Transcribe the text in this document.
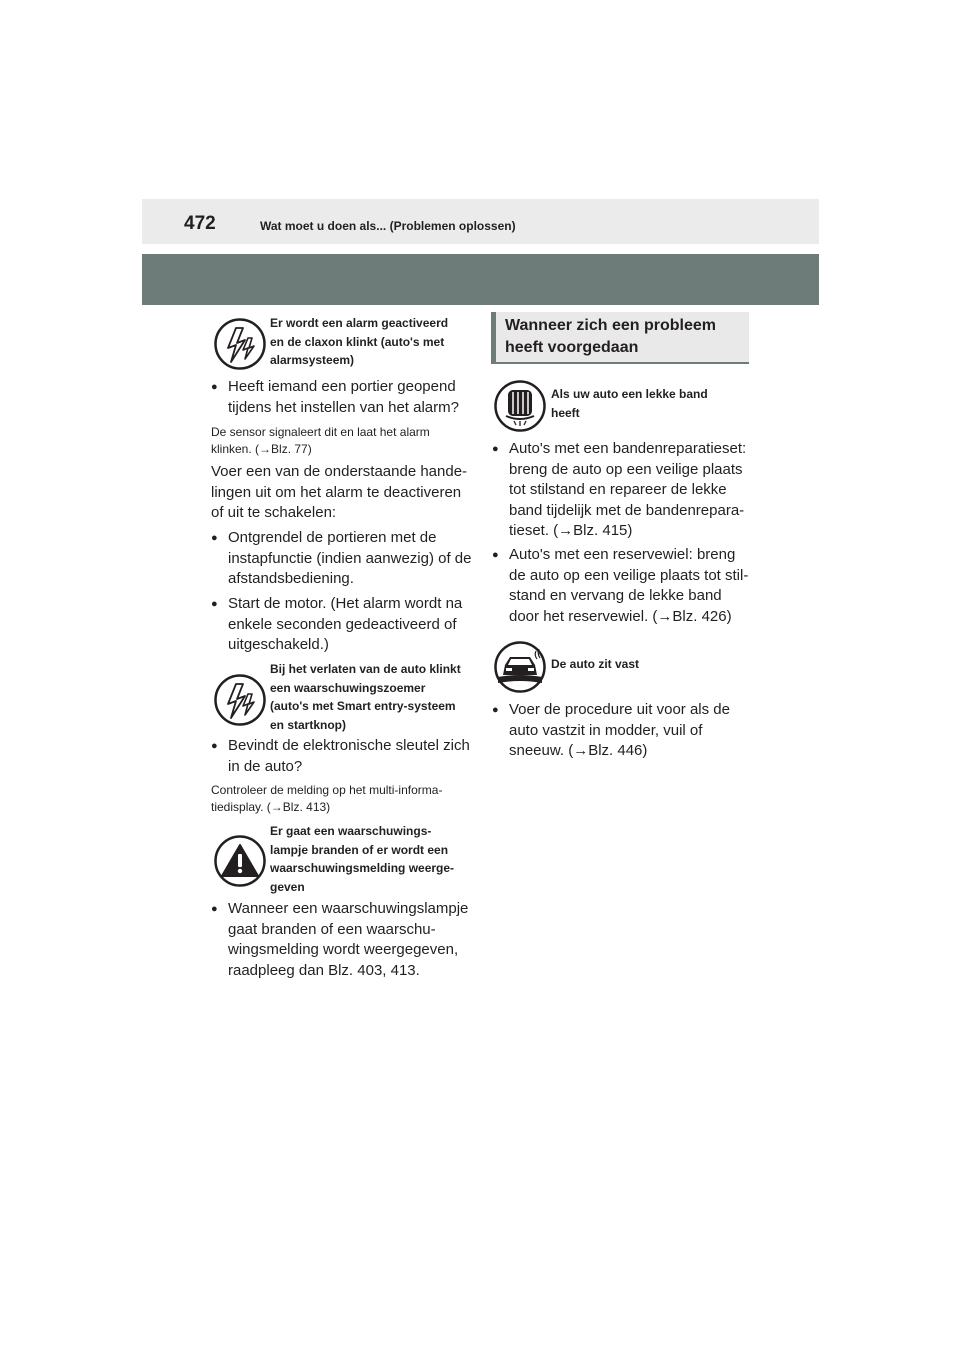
472	Wat moet u doen als... (Problemen oplossen)
Er wordt een alarm geactiveerd
en de claxon klinkt (auto's met
alarmsysteem)
● Heeft iemand een portier geopend
tijdens het instellen van het alarm?
De sensor signaleert dit en laat het alarm
klinken. (→Blz. 77)
Voer een van de onderstaande hande-
lingen uit om het alarm te deactiveren
of uit te schakelen:
● Ontgrendel de portieren met de
instapfunctie (indien aanwezig) of de
afstandsbediening.
● Start de motor. (Het alarm wordt na
enkele seconden gedeactiveerd of
uitgeschakeld.)
Bij het verlaten van de auto klinkt
een waarschuwingszoemer
(auto's met Smart entry-systeem
en startknop)
● Bevindt de elektronische sleutel zich
in de auto?
Controleer de melding op het multi-informa-
tiedisplay. (→Blz. 413)
Er gaat een waarschuwings-
lampje branden of er wordt een
waarschuwingsmelding weerge-
geven
● Wanneer een waarschuwingslampje
gaat branden of een waarschu-
wingsmelding wordt weergegeven,
raadpleeg dan Blz. 403, 413.
Wanneer zich een probleem
heeft voorgedaan
Als uw auto een lekke band
heeft
● Auto's met een bandenreparatieset:
breng de auto op een veilige plaats
tot stilstand en repareer de lekke
band tijdelijk met de bandenrepara-
tieset. (→Blz. 415)
● Auto's met een reservewiel: breng
de auto op een veilige plaats tot stil-
stand en vervang de lekke band
door het reservewiel. (→Blz. 426)
De auto zit vast
● Voer de procedure uit voor als de
auto vastzit in modder, vuil of
sneeuw. (→Blz. 446)
